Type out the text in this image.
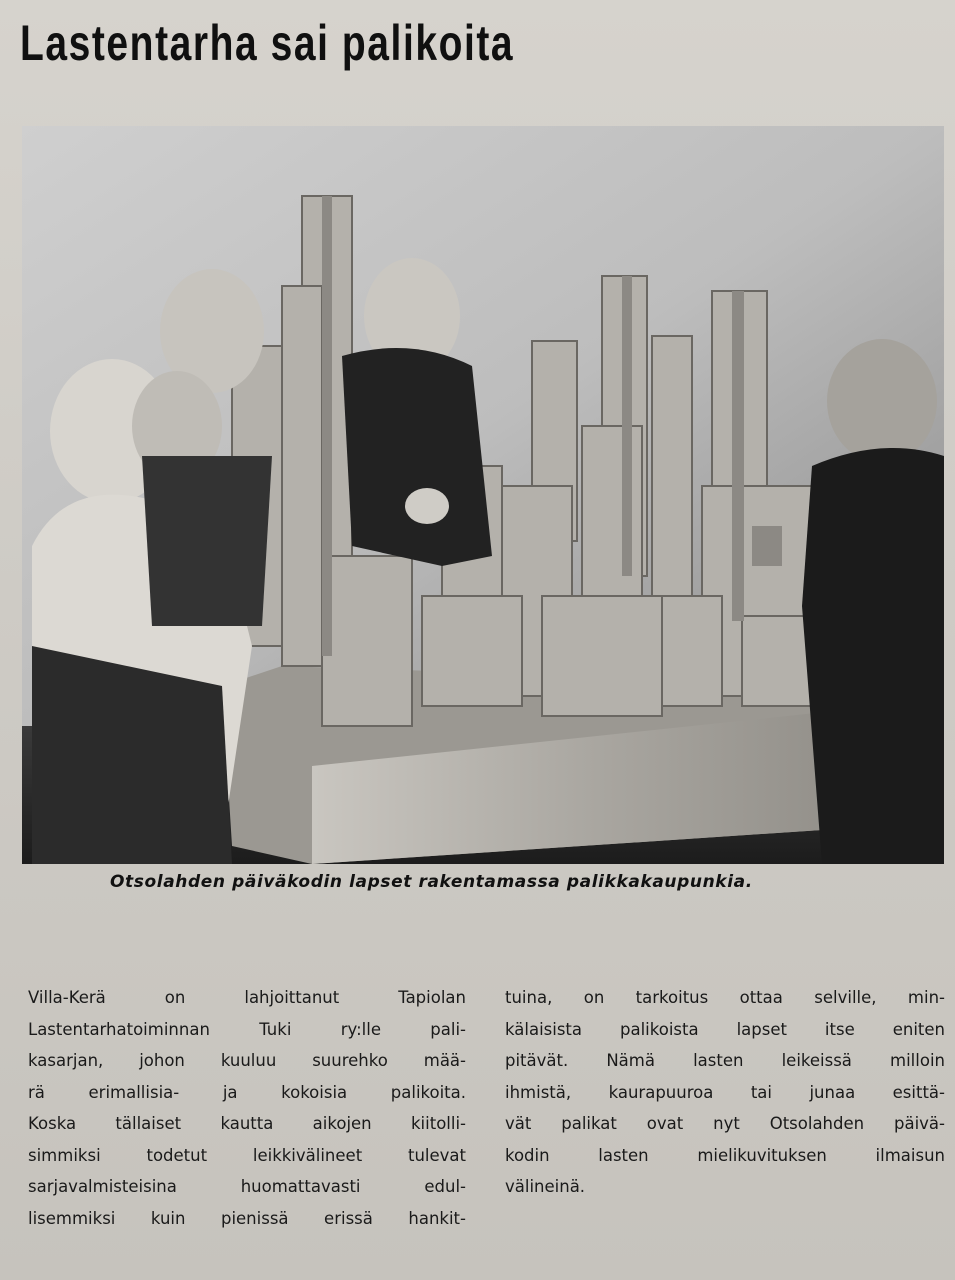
Lastentarha sai palikoita
Otsolahden päiväkodin lapset rakentamassa palikkakaupunkia.
Villa-Kerä on lahjoittanut Tapiolan
Lastentarhatoiminnan Tuki ry:lle pali-
kasarjan, johon kuuluu suurehko mää-
rä erimallisia- ja kokoisia palikoita.
Koska tällaiset kautta aikojen kiitolli-
simmiksi todetut leikkivälineet tulevat
sarjavalmisteisina huomattavasti edul-
lisemmiksi kuin pienissä erissä hankit-
tuina, on tarkoitus ottaa selville, min-
kälaisista palikoista lapset itse eniten
pitävät. Nämä lasten leikeissä milloin
ihmistä, kaurapuuroa tai junaa esittä-
vät palikat ovat nyt Otsolahden päivä-
kodin lasten mielikuvituksen ilmaisun
välineinä.
